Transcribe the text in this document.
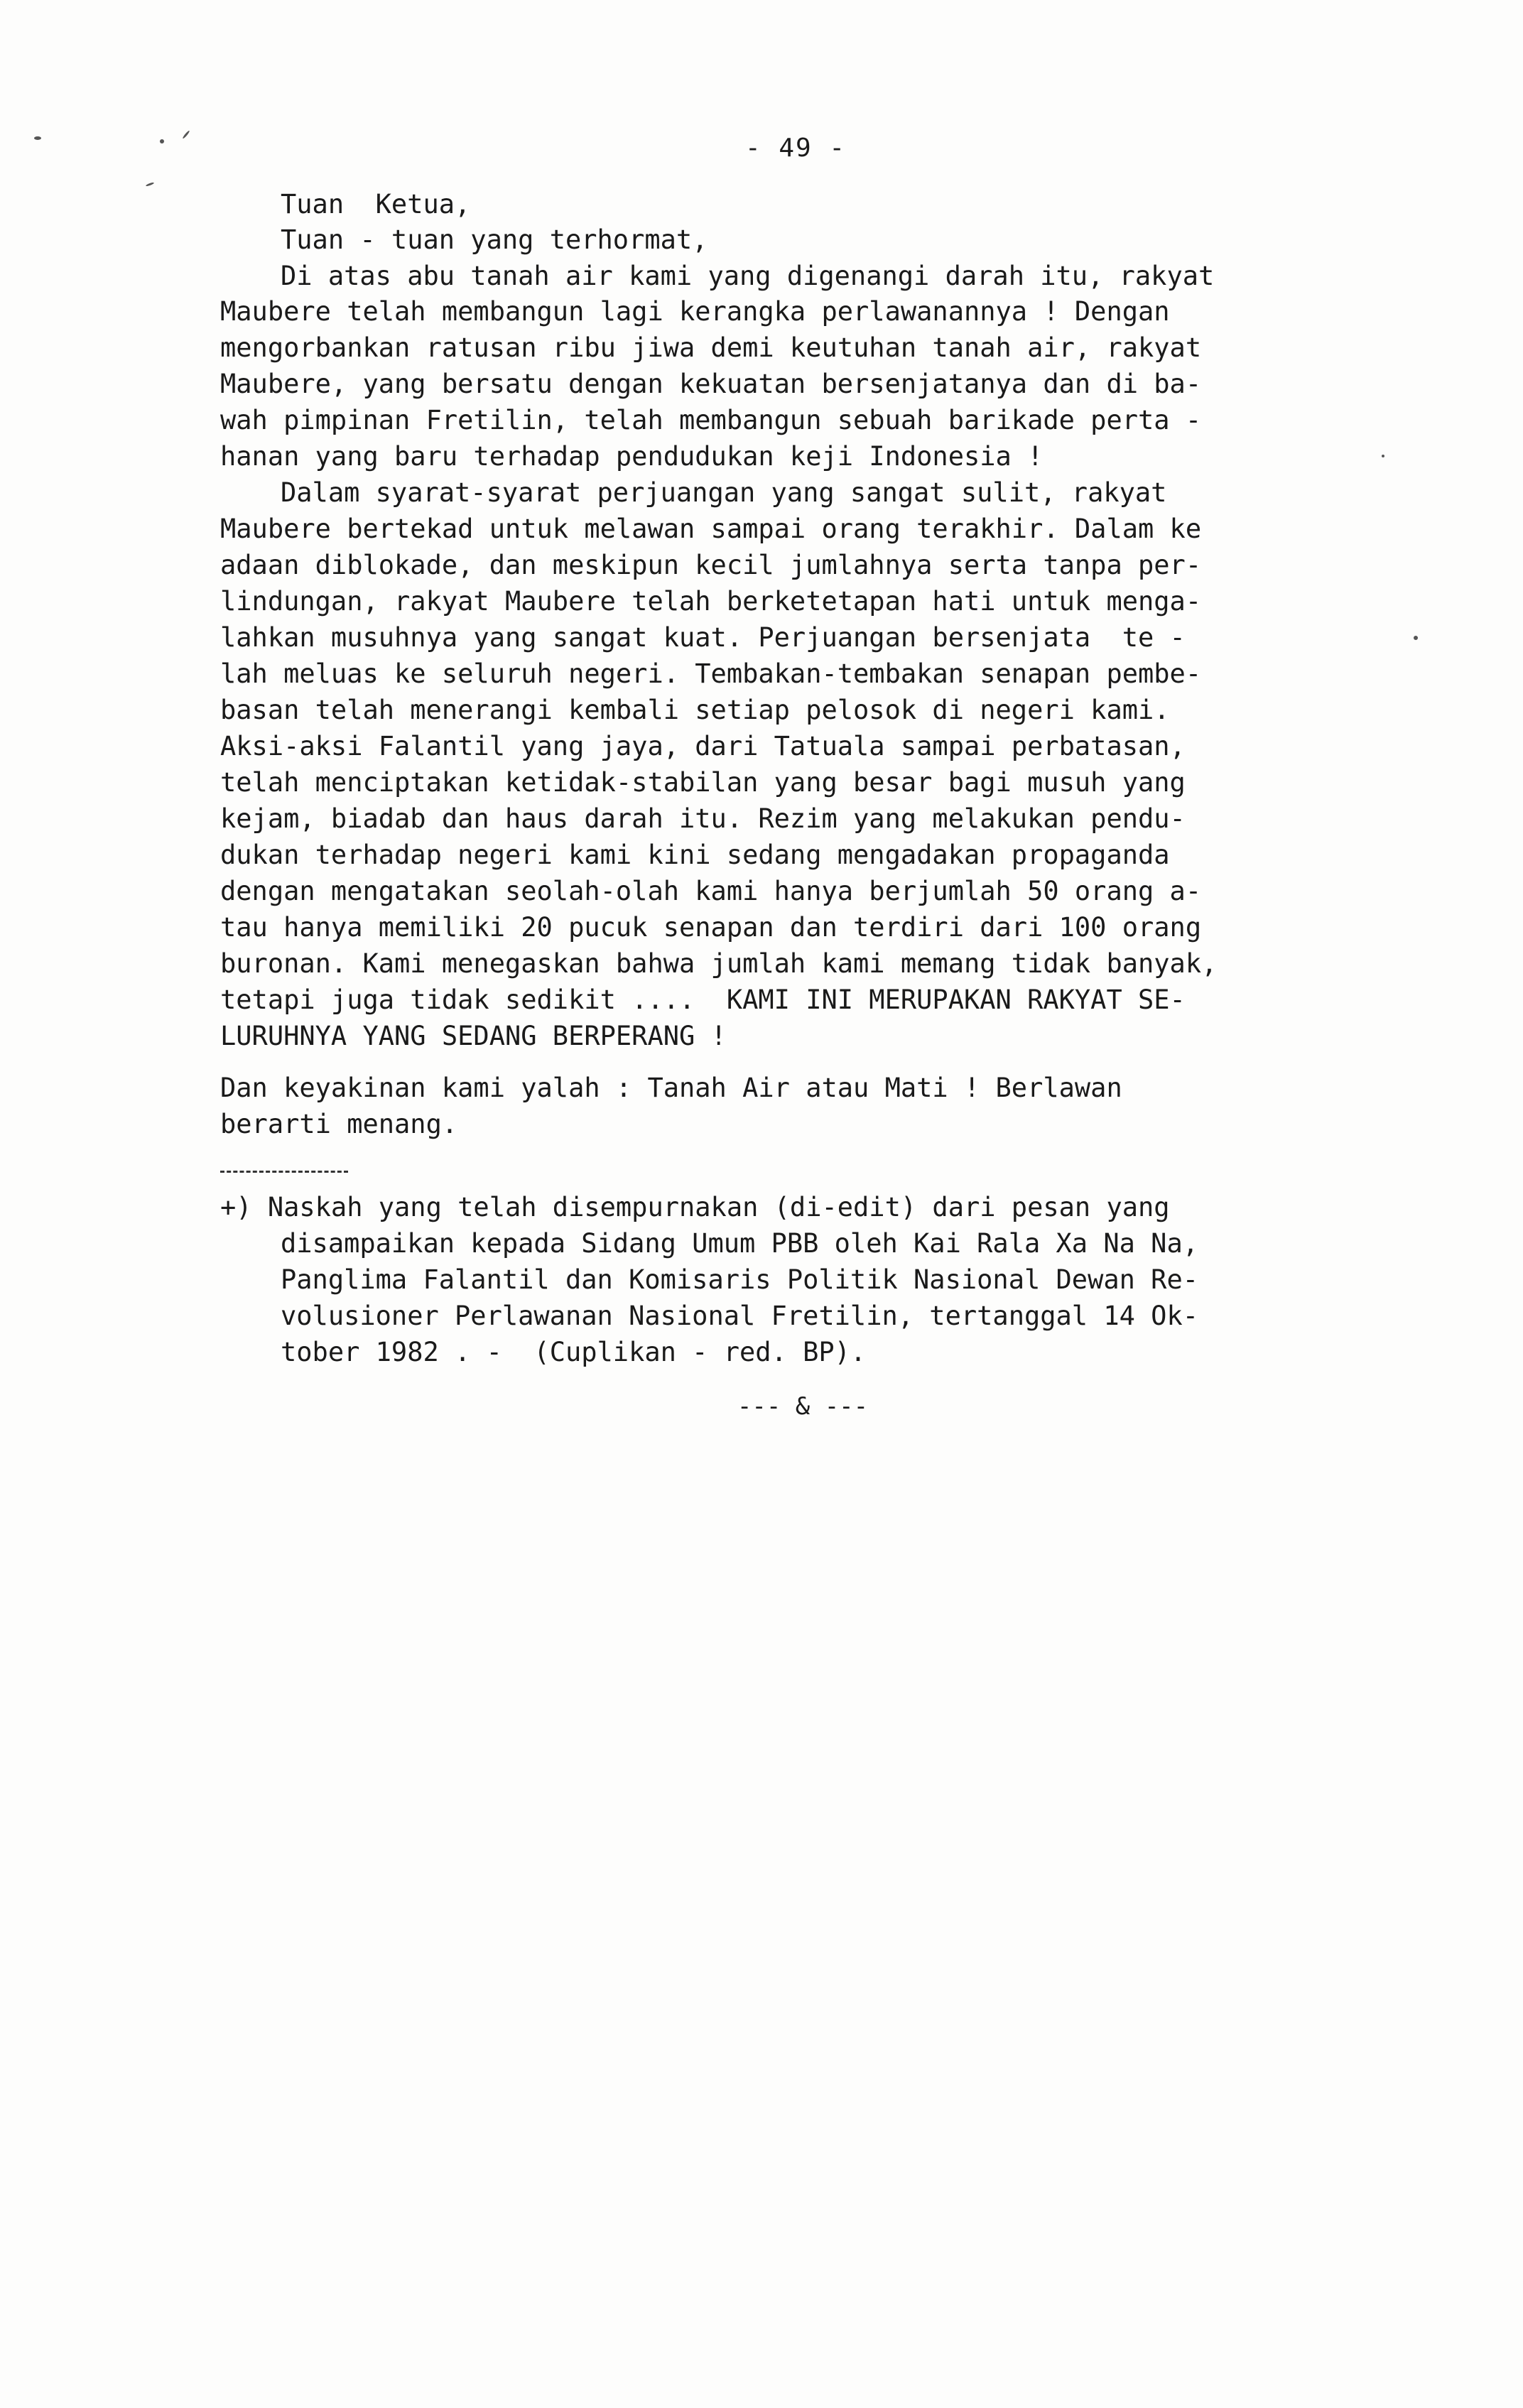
- 49 -
Tuan  Ketua,
Tuan - tuan yang terhormat,
Di atas abu tanah air kami yang digenangi darah itu, rakyat
Maubere telah membangun lagi kerangka perlawanannya ! Dengan
mengorbankan ratusan ribu jiwa demi keutuhan tanah air, rakyat
Maubere, yang bersatu dengan kekuatan bersenjatanya dan di ba-
wah pimpinan Fretilin, telah membangun sebuah barikade perta -
hanan yang baru terhadap pendudukan keji Indonesia !
Dalam syarat-syarat perjuangan yang sangat sulit, rakyat
Maubere bertekad untuk melawan sampai orang terakhir. Dalam ke
adaan diblokade, dan meskipun kecil jumlahnya serta tanpa per-
lindungan, rakyat Maubere telah berketetapan hati untuk menga-
lahkan musuhnya yang sangat kuat. Perjuangan bersenjata  te -
lah meluas ke seluruh negeri. Tembakan-tembakan senapan pembe-
basan telah menerangi kembali setiap pelosok di negeri kami.
Aksi-aksi Falantil yang jaya, dari Tatuala sampai perbatasan,
telah menciptakan ketidak-stabilan yang besar bagi musuh yang
kejam, biadab dan haus darah itu. Rezim yang melakukan pendu-
dukan terhadap negeri kami kini sedang mengadakan propaganda
dengan mengatakan seolah-olah kami hanya berjumlah 50 orang a-
tau hanya memiliki 20 pucuk senapan dan terdiri dari 100 orang
buronan. Kami menegaskan bahwa jumlah kami memang tidak banyak,
tetapi juga tidak sedikit ....  KAMI INI MERUPAKAN RAKYAT SE-
LURUHNYA YANG SEDANG BERPERANG !
Dan keyakinan kami yalah : Tanah Air atau Mati ! Berlawan
berarti menang.
+) Naskah yang telah disempurnakan (di-edit) dari pesan yang
disampaikan kepada Sidang Umum PBB oleh Kai Rala Xa Na Na,
Panglima Falantil dan Komisaris Politik Nasional Dewan Re-
volusioner Perlawanan Nasional Fretilin, tertanggal 14 Ok-
tober 1982 . -  (Cuplikan - red. BP).
--- & ---
